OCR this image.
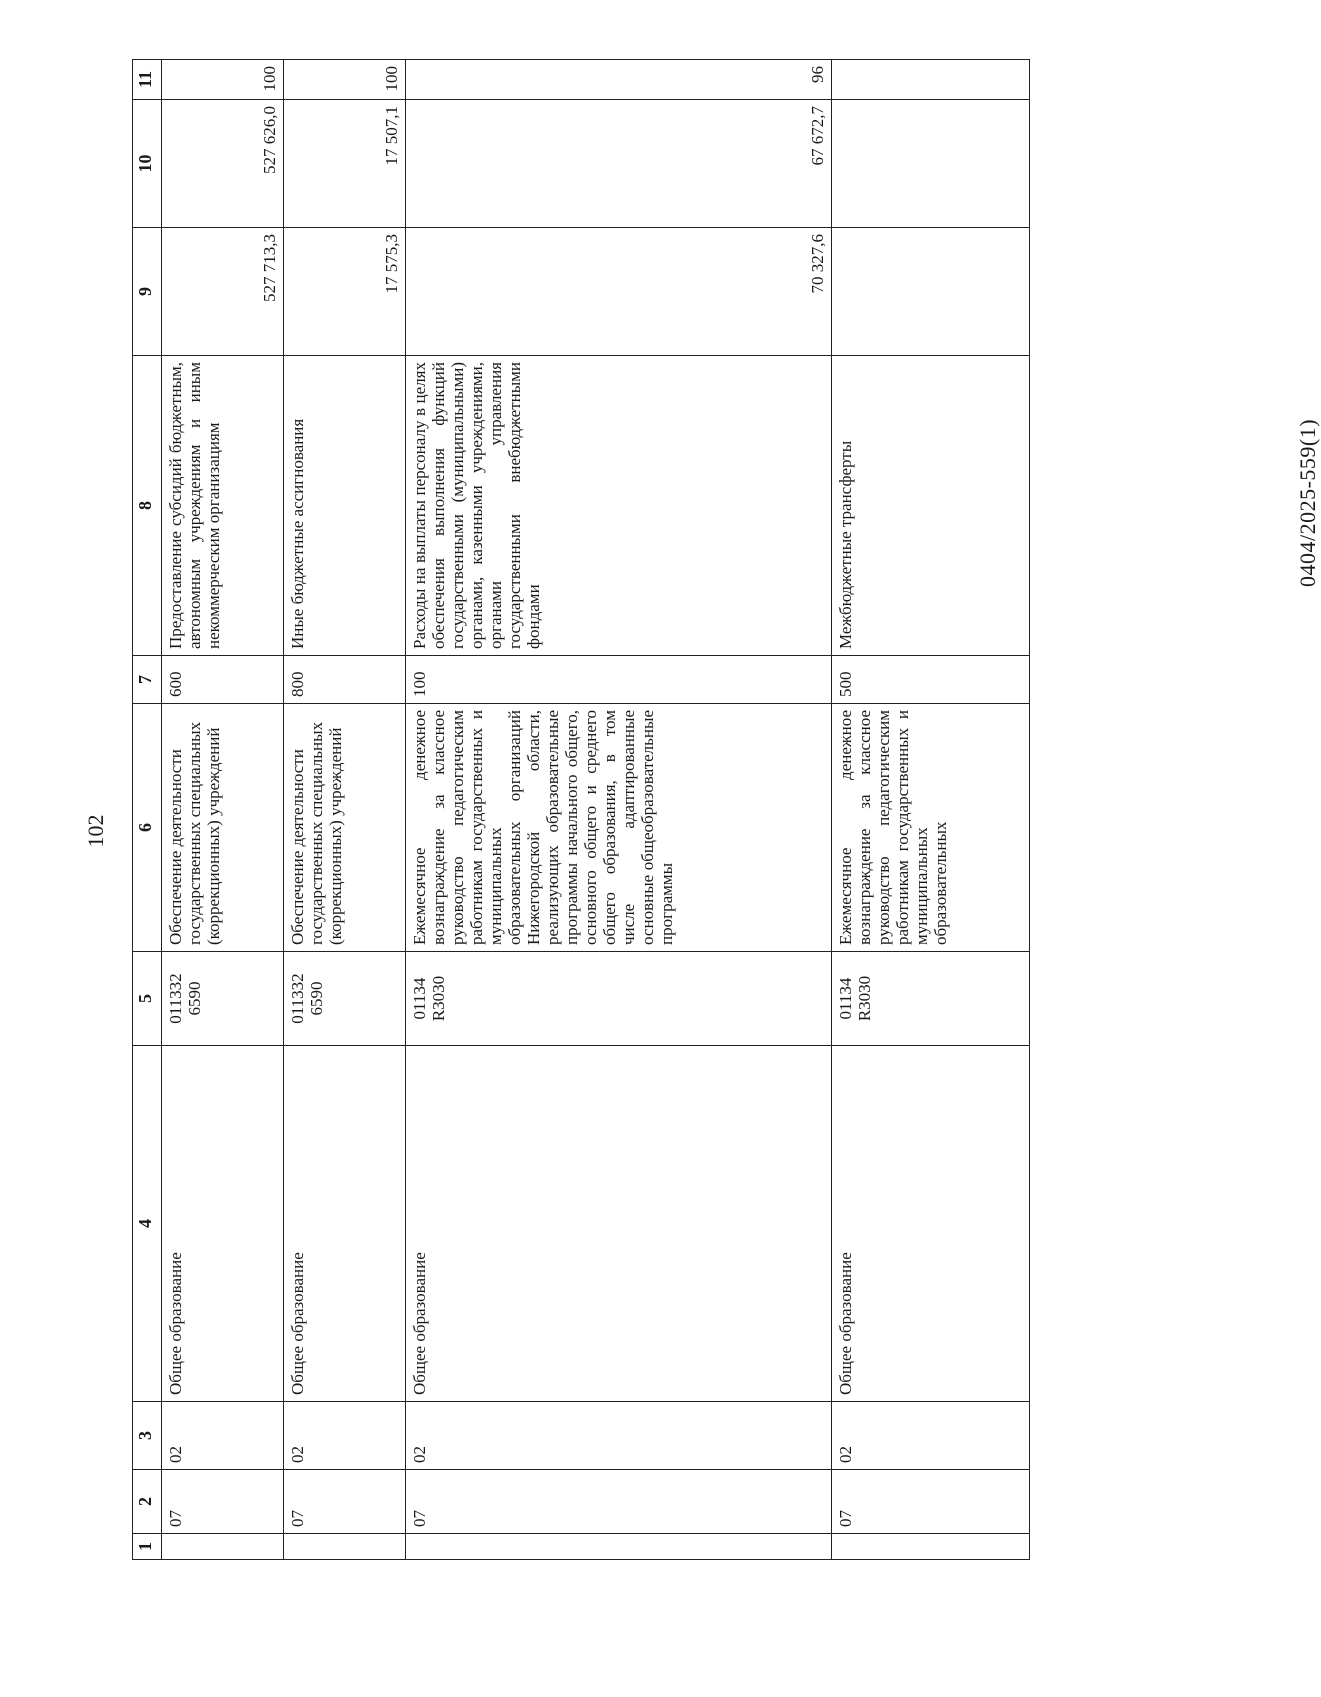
102
1	2	3	4	5	6	7	8	9	10	11
	07	02	Общее образование	011332 6590	Обеспечение деятельности государственных специальных (коррекционных) учреждений	600	Предоставление субсидий бюджетным, автономным учреждениям и иным некоммерческим организациям	527 713,3	527 626,0	100
	07	02	Общее образование	011332 6590	Обеспечение деятельности государственных специальных (коррекционных) учреждений	800	Иные бюджетные ассигнования	17 575,3	17 507,1	100
	07	02	Общее образование	01134 R3030	Ежемесячное денежное вознаграждение за классное руководство педагогическим работникам государственных и муниципальных образовательных организаций Нижегородской области, реализующих образовательные программы начального общего, основного общего и среднего общего образования, в том числе адаптированные основные общеобразовательные программы	100	Расходы на выплаты персоналу в целях обеспечения выполнения функций государственными (муниципальными) органами, казенными учреждениями, органами управления государственными внебюджетными фондами	70 327,6	67 672,7	96
	07	02	Общее образование	01134 R3030	Ежемесячное денежное вознаграждение за классное руководство педагогическим работникам государственных и муниципальных образовательных	500	Межбюджетные трансферты				0404/2025-559(1)
